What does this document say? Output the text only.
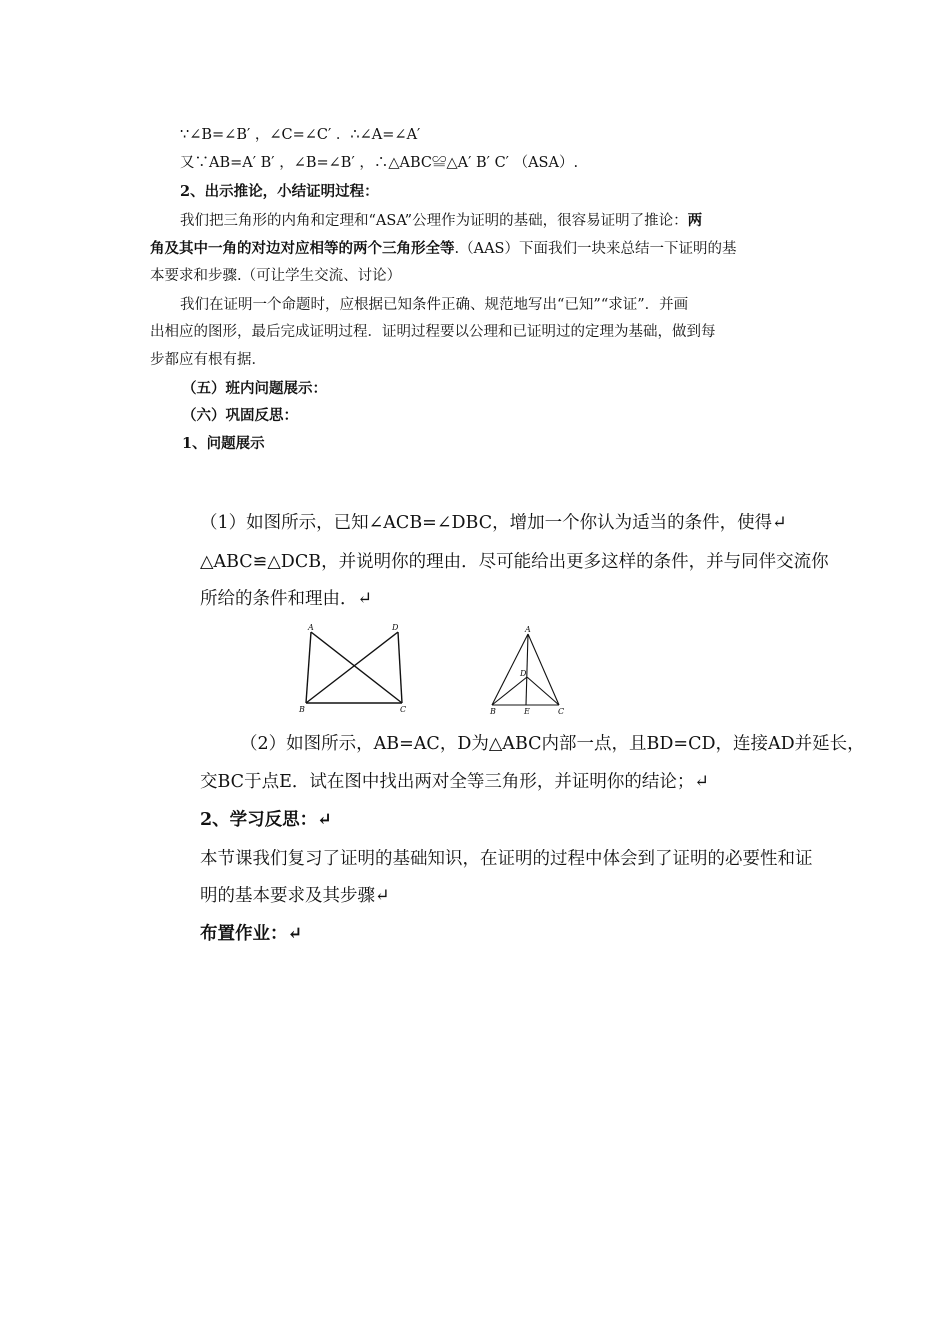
∵∠B=∠B′ ，∠C=∠C′ ．∴∠A=∠A′
又∵AB=A′ B′ ，∠B=∠B′ ，∴△ABC≌△A′ B′ C′ （ASA）.
2、出示推论，小结证明过程：
我们把三角形的内角和定理和“ASA”公理作为证明的基础，很容易证明了推论：两
角及其中一角的对边对应相等的两个三角形全等.（AAS）下面我们一块来总结一下证明的基
本要求和步骤.（可让学生交流、讨论）
我们在证明一个命题时，应根据已知条件正确、规范地写出“已知”“求证”．并画
出相应的图形，最后完成证明过程．证明过程要以公理和已证明过的定理为基础，做到每
步都应有根有据．
（五）班内问题展示：
（六）巩固反思：
1、问题展示
（1）如图所示，已知∠ACB=∠DBC，增加一个你认为适当的条件，使得↵
△ABC≌△DCB，并说明你的理由．尽可能给出更多这样的条件，并与同伴交流你
所给的条件和理由．↵
A	D
B	C
A
D
B	E	C
（2）如图所示，AB=AC，D为△ABC内部一点，且BD=CD，连接AD并延长，
交BC于点E．试在图中找出两对全等三角形，并证明你的结论；↵
2、学习反思：↵
本节课我们复习了证明的基础知识，在证明的过程中体会到了证明的必要性和证
明的基本要求及其步骤↵
布置作业：↵
